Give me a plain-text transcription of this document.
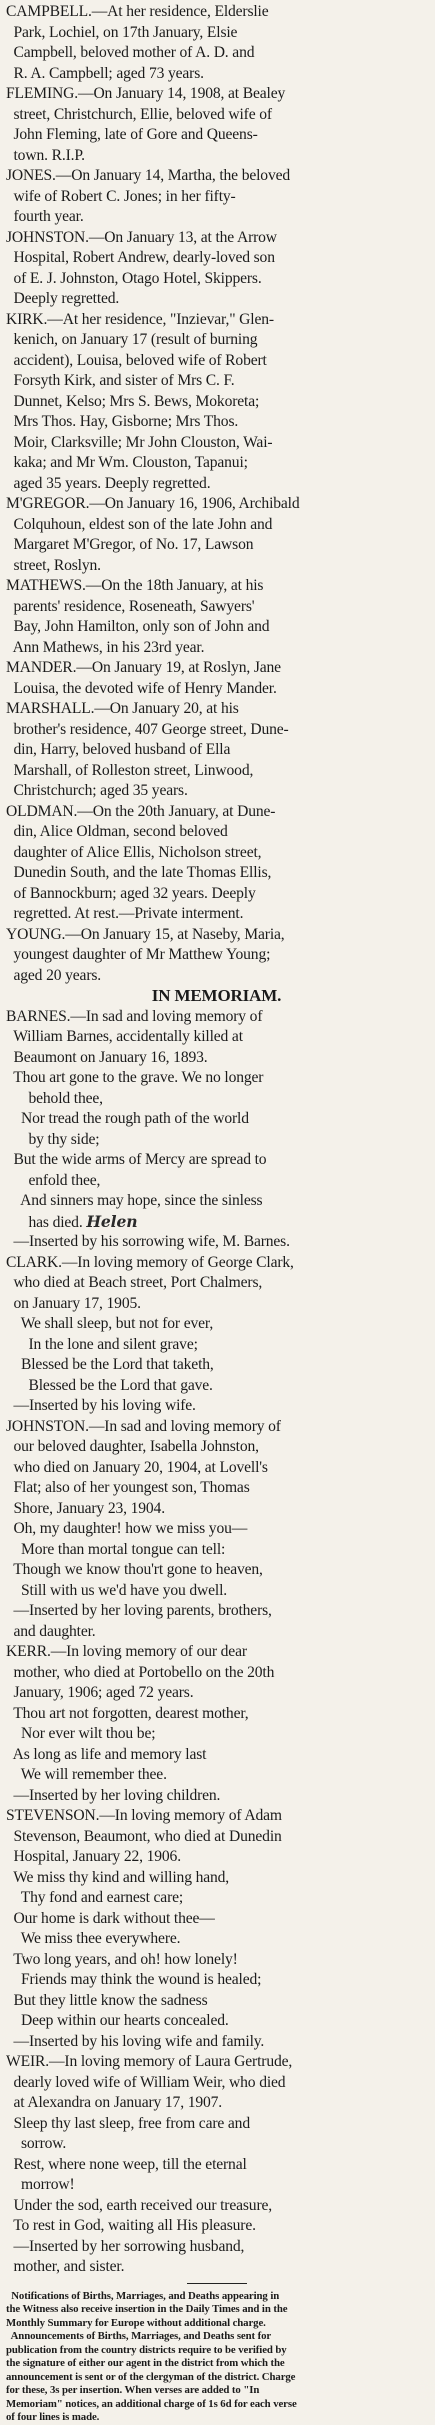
CAMPBELL.—At her residence, Elderslie
Park, Lochiel, on 17th January, Elsie
Campbell, beloved mother of A. D. and
R. A. Campbell; aged 73 years.
FLEMING.—On January 14, 1908, at Bealey
street, Christchurch, Ellie, beloved wife of
John Fleming, late of Gore and Queens-
town. R.I.P.
JONES.—On January 14, Martha, the beloved
wife of Robert C. Jones; in her fifty-
fourth year.
JOHNSTON.—On January 13, at the Arrow
Hospital, Robert Andrew, dearly-loved son
of E. J. Johnston, Otago Hotel, Skippers.
Deeply regretted.
KIRK.—At her residence, "Inzievar," Glen-
kenich, on January 17 (result of burning
accident), Louisa, beloved wife of Robert
Forsyth Kirk, and sister of Mrs C. F.
Dunnet, Kelso; Mrs S. Bews, Mokoreta;
Mrs Thos. Hay, Gisborne; Mrs Thos.
Moir, Clarksville; Mr John Clouston, Wai-
kaka; and Mr Wm. Clouston, Tapanui;
aged 35 years. Deeply regretted.
M'GREGOR.—On January 16, 1906, Archibald
Colquhoun, eldest son of the late John and
Margaret M'Gregor, of No. 17, Lawson
street, Roslyn.
MATHEWS.—On the 18th January, at his
parents' residence, Roseneath, Sawyers'
Bay, John Hamilton, only son of John and
Ann Mathews, in his 23rd year.
MANDER.—On January 19, at Roslyn, Jane
Louisa, the devoted wife of Henry Mander.
MARSHALL.—On January 20, at his
brother's residence, 407 George street, Dune-
din, Harry, beloved husband of Ella
Marshall, of Rolleston street, Linwood,
Christchurch; aged 35 years.
OLDMAN.—On the 20th January, at Dune-
din, Alice Oldman, second beloved
daughter of Alice Ellis, Nicholson street,
Dunedin South, and the late Thomas Ellis,
of Bannockburn; aged 32 years. Deeply
regretted. At rest.—Private interment.
YOUNG.—On January 15, at Naseby, Maria,
youngest daughter of Mr Matthew Young;
aged 20 years.
IN MEMORIAM.
BARNES.—In sad and loving memory of
William Barnes, accidentally killed at
Beaumont on January 16, 1893.
Thou art gone to the grave. We no longer
behold thee,
Nor tread the rough path of the world
by thy side;
But the wide arms of Mercy are spread to
enfold thee,
And sinners may hope, since the sinless
has died. Helen
—Inserted by his sorrowing wife, M. Barnes.
CLARK.—In loving memory of George Clark,
who died at Beach street, Port Chalmers,
on January 17, 1905.
We shall sleep, but not for ever,
In the lone and silent grave;
Blessed be the Lord that taketh,
Blessed be the Lord that gave.
—Inserted by his loving wife.
JOHNSTON.—In sad and loving memory of
our beloved daughter, Isabella Johnston,
who died on January 20, 1904, at Lovell's
Flat; also of her youngest son, Thomas
Shore, January 23, 1904.
Oh, my daughter! how we miss you—
More than mortal tongue can tell:
Though we know thou'rt gone to heaven,
Still with us we'd have you dwell.
—Inserted by her loving parents, brothers,
and daughter.
KERR.—In loving memory of our dear
mother, who died at Portobello on the 20th
January, 1906; aged 72 years.
Thou art not forgotten, dearest mother,
Nor ever wilt thou be;
As long as life and memory last
We will remember thee.
—Inserted by her loving children.
STEVENSON.—In loving memory of Adam
Stevenson, Beaumont, who died at Dunedin
Hospital, January 22, 1906.
We miss thy kind and willing hand,
Thy fond and earnest care;
Our home is dark without thee—
We miss thee everywhere.
Two long years, and oh! how lonely!
Friends may think the wound is healed;
But they little know the sadness
Deep within our hearts concealed.
—Inserted by his loving wife and family.
WEIR.—In loving memory of Laura Gertrude,
dearly loved wife of William Weir, who died
at Alexandra on January 17, 1907.
Sleep thy last sleep, free from care and
sorrow.
Rest, where none weep, till the eternal
morrow!
Under the sod, earth received our treasure,
To rest in God, waiting all His pleasure.
—Inserted by her sorrowing husband,
mother, and sister.
Notifications of Births, Marriages, and Deaths appearing in
the Witness also receive insertion in the Daily Times and in the
Monthly Summary for Europe without additional charge.
Announcements of Births, Marriages, and Deaths sent for
publication from the country districts require to be verified by
the signature of either our agent in the district from which the
announcement is sent or of the clergyman of the district. Charge
for these, 3s per insertion. When verses are added to "In
Memoriam" notices, an additional charge of 1s 6d for each verse
of four lines is made.
